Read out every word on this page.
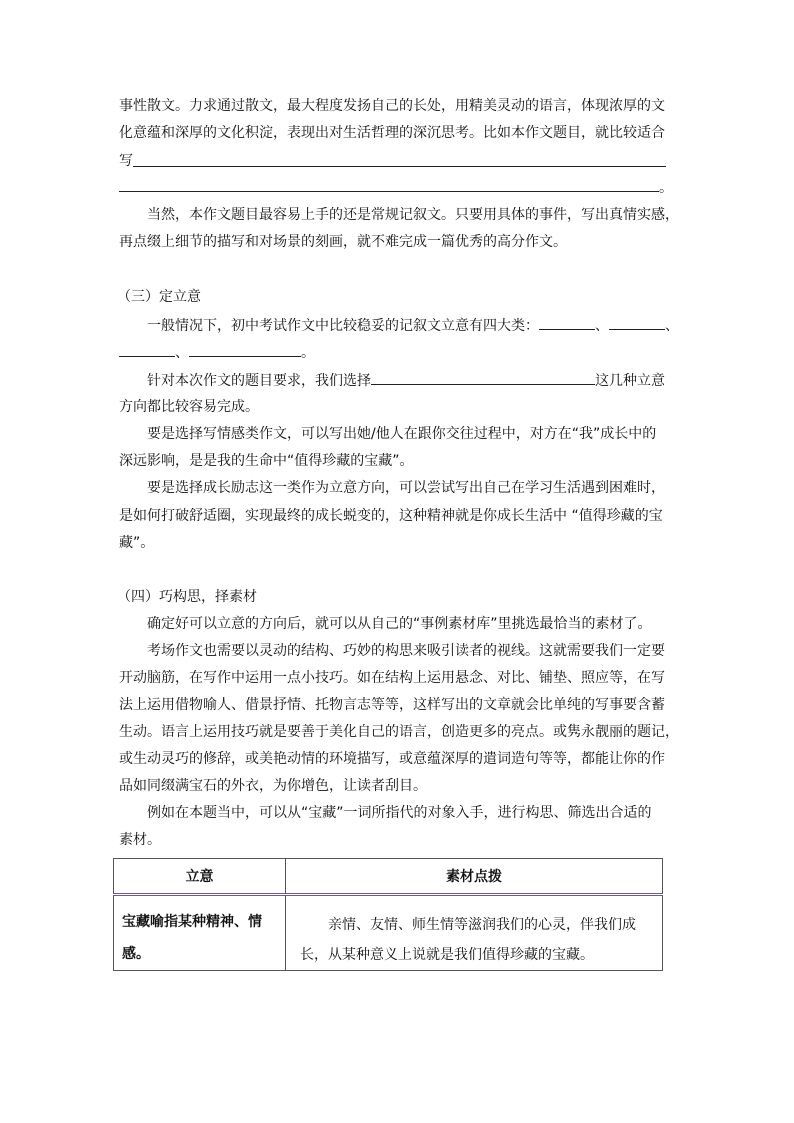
事性散文。力求通过散文，最大程度发扬自己的长处，用精美灵动的语言，体现浓厚的文
化意蕴和深厚的文化积淀，表现出对生活哲理的深沉思考。比如本作文题目，就比较适合
写
。
当然，本作文题目最容易上手的还是常规记叙文。只要用具体的事件，写出真情实感，
再点缀上细节的描写和对场景的刻画，就不难完成一篇优秀的高分作文。
（三）定立意
一般情况下，初中考试作文中比较稳妥的记叙文立意有四大类：	、	、
、	。
针对本次作文的题目要求，我们选择	这几种立意
方向都比较容易完成。
要是选择写情感类作文，可以写出她/他人在跟你交往过程中，对方在“我”成长中的
深远影响，是是我的生命中“值得珍藏的宝藏”。
要是选择成长励志这一类作为立意方向，可以尝试写出自己在学习生活遇到困难时，
是如何打破舒适圈，实现最终的成长蜕变的，这种精神就是你成长生活中 “值得珍藏的宝
藏”。
（四）巧构思，择素材
确定好可以立意的方向后，就可以从自己的“事例素材库”里挑选最恰当的素材了。
考场作文也需要以灵动的结构、巧妙的构思来吸引读者的视线。这就需要我们一定要
开动脑筋，在写作中运用一点小技巧。如在结构上运用悬念、对比、铺垫、照应等，在写
法上运用借物喻人、借景抒情、托物言志等等，这样写出的文章就会比单纯的写事要含蓄
生动。语言上运用技巧就是要善于美化自己的语言，创造更多的亮点。或隽永靓丽的题记，
或生动灵巧的修辞，或美艳动情的环境描写，或意蕴深厚的遣词造句等等，都能让你的作
品如同缀满宝石的外衣，为你增色，让读者刮目。
例如在本题当中，可以从“宝藏”一词所指代的对象入手，进行构思、筛选出合适的
素材。
立意	素材点拨
宝藏喻指某种精神、情感。	亲情、友情、师生情等滋润我们的心灵，伴我们成长，从某种意义上说就是我们值得珍藏的宝藏。
